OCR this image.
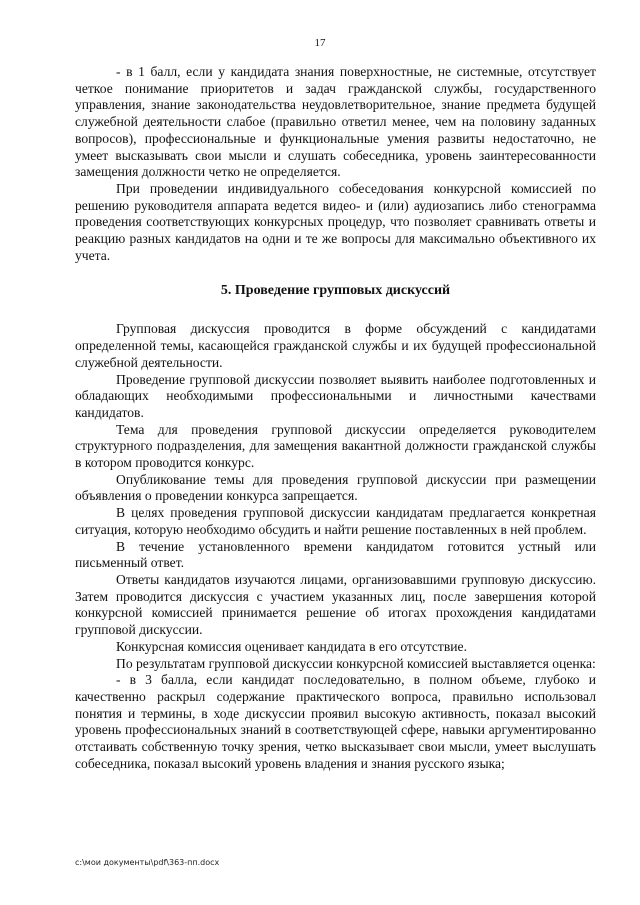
17

- в 1 балл, если у кандидата знания поверхностные, не системные, отсутствует четкое понимание приоритетов и задач гражданской службы, государственного управления, знание законодательства неудовлетворительное, знание предмета будущей служебной деятельности слабое (правильно ответил менее, чем на половину заданных вопросов), профессиональные и функциональные умения развиты недостаточно, не умеет высказывать свои мысли и слушать собеседника, уровень заинтересованности замещения должности четко не определяется.

При проведении индивидуального собеседования конкурсной комиссией по решению руководителя аппарата ведется видео- и (или) аудиозапись либо стенограмма проведения соответствующих конкурсных процедур, что позволяет сравнивать ответы и реакцию разных кандидатов на одни и те же вопросы для максимально объективного их учета.

5. Проведение групповых дискуссий

Групповая дискуссия проводится в форме обсуждений с кандидатами определенной темы, касающейся гражданской службы и их будущей профессиональной служебной деятельности.

Проведение групповой дискуссии позволяет выявить наиболее подготовленных и обладающих необходимыми профессиональными и личностными качествами кандидатов.

Тема для проведения групповой дискуссии определяется руководителем структурного подразделения, для замещения вакантной должности гражданской службы в котором проводится конкурс.

Опубликование темы для проведения групповой дискуссии при размещении объявления о проведении конкурса запрещается.

В целях проведения групповой дискуссии кандидатам предлагается конкретная ситуация, которую необходимо обсудить и найти решение поставленных в ней проблем.

В течение установленного времени кандидатом готовится устный или письменный ответ.

Ответы кандидатов изучаются лицами, организовавшими групповую дискуссию. Затем проводится дискуссия с участием указанных лиц, после завершения которой конкурсной комиссией принимается решение об итогах прохождения кандидатами групповой дискуссии.

Конкурсная комиссия оценивает кандидата в его отсутствие.

По результатам групповой дискуссии конкурсной комиссией выставляется оценка:

- в 3 балла, если кандидат последовательно, в полном объеме, глубоко и качественно раскрыл содержание практического вопроса, правильно использовал понятия и термины, в ходе дискуссии проявил высокую активность, показал высокий уровень профессиональных знаний в соответствующей сфере, навыки аргументированно отстаивать собственную точку зрения, четко высказывает свои мысли, умеет выслушать собеседника, показал высокий уровень владения и знания русского языка;

c:\мои документы\pdf\363-пп.docx
